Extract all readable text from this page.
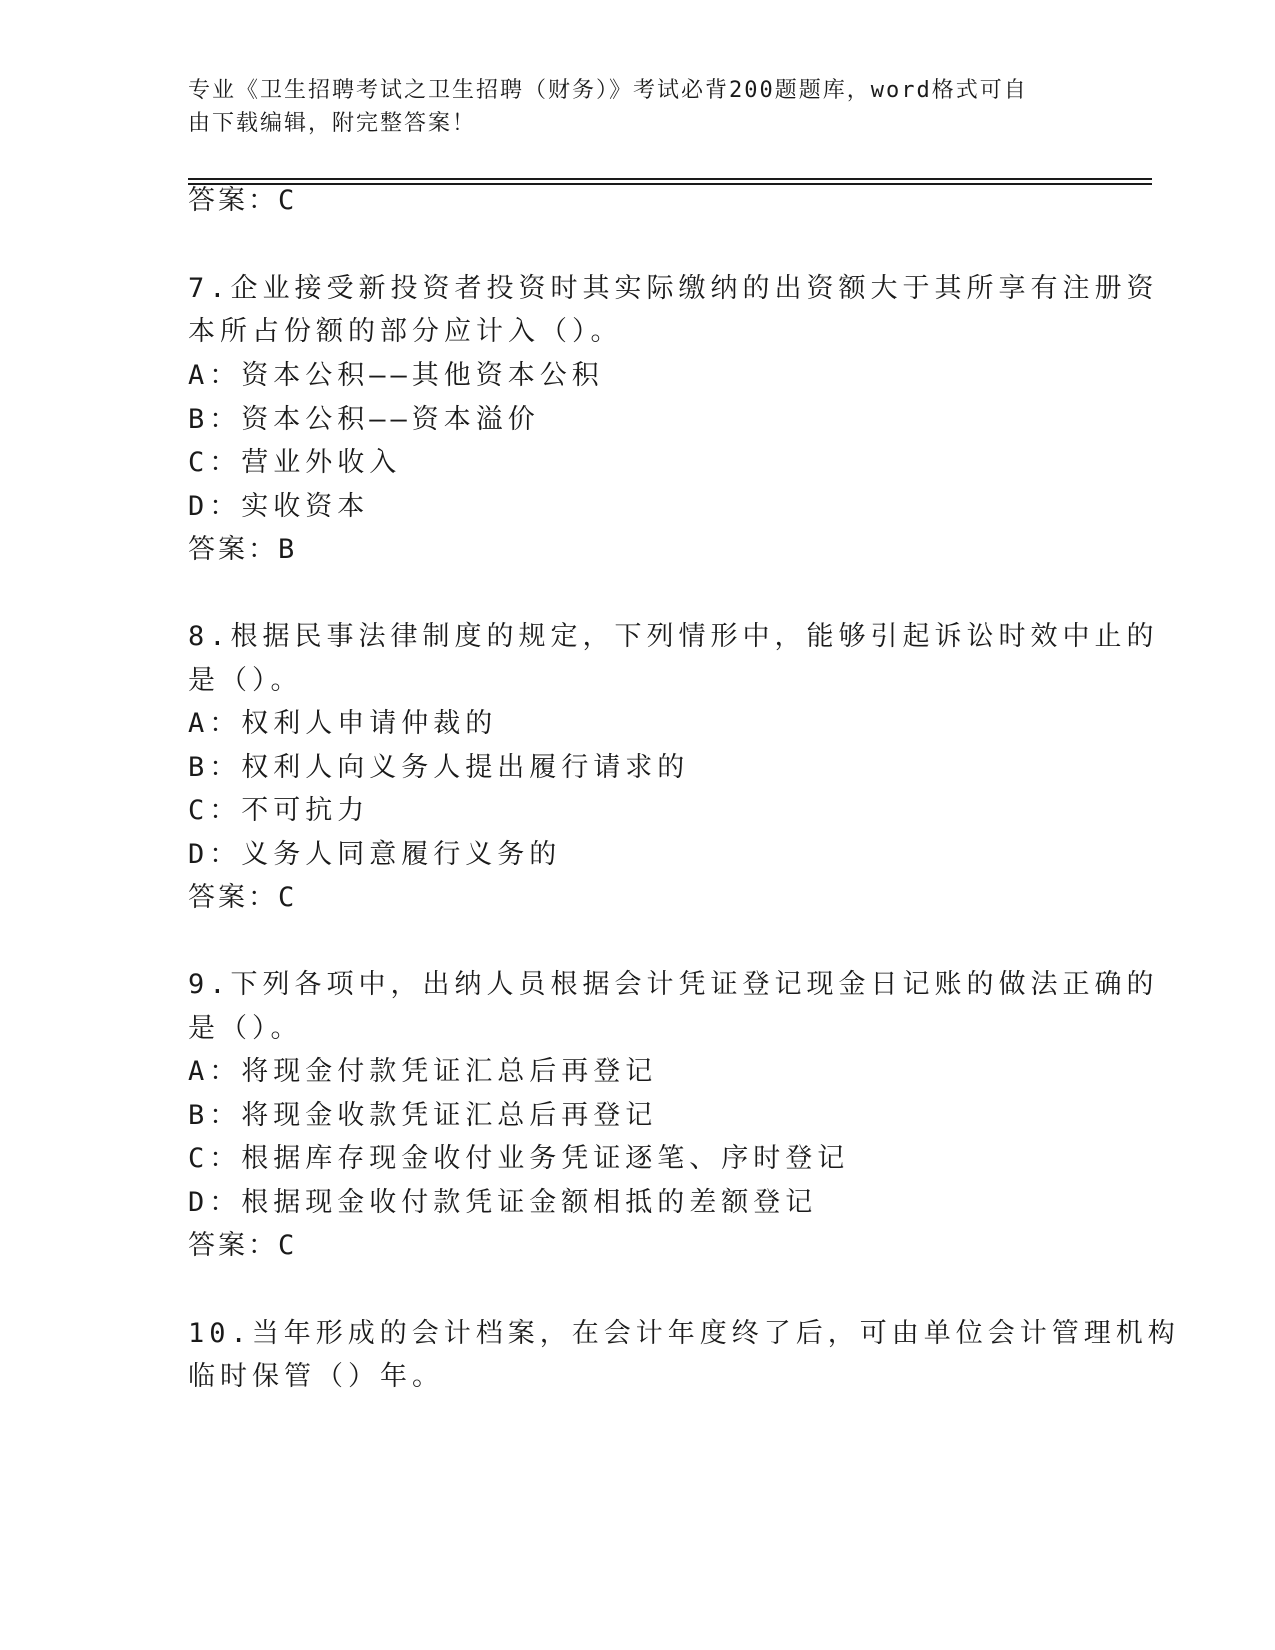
专业《卫生招聘考试之卫生招聘（财务）》考试必背200题题库，word格式可自
由下载编辑，附完整答案！
答案：C
7.企业接受新投资者投资时其实际缴纳的出资额大于其所享有注册资
本所占份额的部分应计入（）。
A：资本公积——其他资本公积
B：资本公积——资本溢价
C：营业外收入
D：实收资本
答案：B
8.根据民事法律制度的规定，下列情形中，能够引起诉讼时效中止的
是（）。
A：权利人申请仲裁的
B：权利人向义务人提出履行请求的
C：不可抗力
D：义务人同意履行义务的
答案：C
9.下列各项中，出纳人员根据会计凭证登记现金日记账的做法正确的
是（）。
A：将现金付款凭证汇总后再登记
B：将现金收款凭证汇总后再登记
C：根据库存现金收付业务凭证逐笔、序时登记
D：根据现金收付款凭证金额相抵的差额登记
答案：C
10.当年形成的会计档案，在会计年度终了后，可由单位会计管理机构
临时保管（）年。
